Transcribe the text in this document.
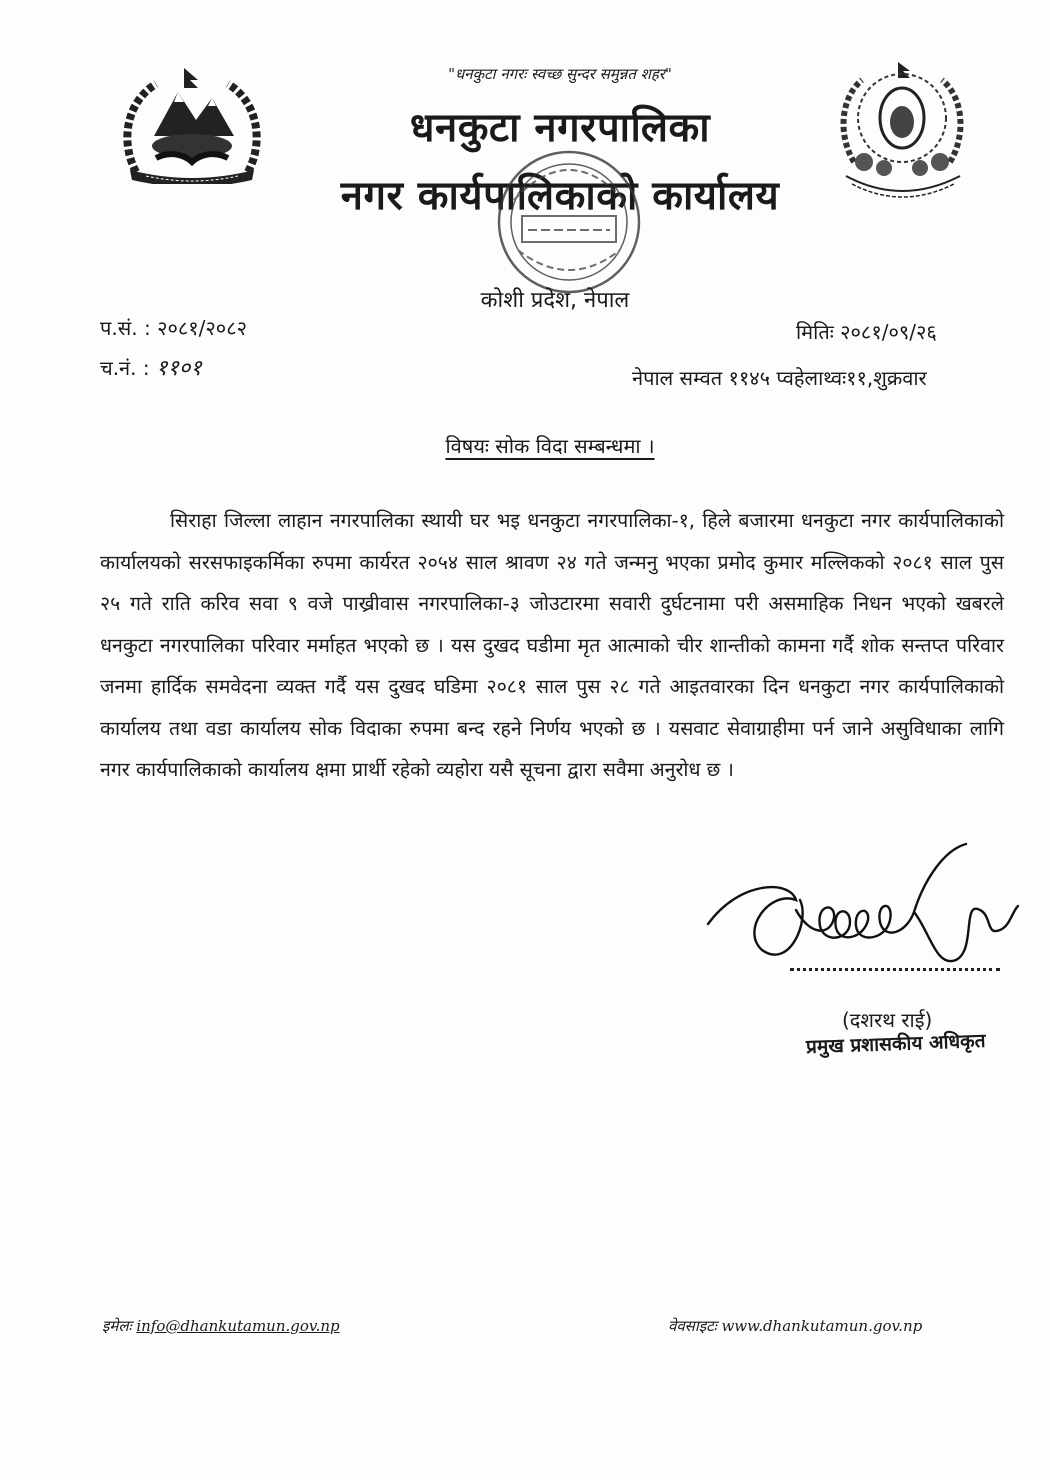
"धनकुटा नगरः स्वच्छ सुन्दर समुन्नत शहर"
धनकुटा नगरपालिका
नगर कार्यपालिकाको कार्यालय
कोशी प्रदेश, नेपाल
प.सं. : २०८१/२०८२
च.नं. : ११०१
मितिः २०८१/०९/२६
नेपाल सम्वत ११४५ प्वहेलाथ्वः११,शुक्रवार
विषयः सोक विदा सम्बन्धमा ।
सिराहा जिल्ला लाहान नगरपालिका स्थायी घर भइ धनकुटा नगरपालिका-१, हिले बजारमा धनकुटा नगर कार्यपालिकाको कार्यालयको सरसफाइकर्मिका रुपमा कार्यरत २०५४ साल श्रावण २४ गते जन्मनु भएका प्रमोद कुमार मल्लिकको २०८१ साल पुस २५ गते राति करिव सवा ९ वजे पाख्रीवास नगरपालिका-३ जोउटारमा सवारी दुर्घटनामा परी असमाहिक निधन भएको खबरले धनकुटा नगरपालिका परिवार मर्माहत भएको छ । यस दुखद घडीमा मृत आत्माको चीर शान्तीको कामना गर्दै शोक सन्तप्त परिवार जनमा हार्दिक समवेदना व्यक्त गर्दै यस दुखद घडिमा २०८१ साल पुस २८ गते आइतवारका दिन धनकुटा नगर कार्यपालिकाको कार्यालय तथा वडा कार्यालय सोक विदाका रुपमा बन्द रहने निर्णय भएको छ । यसवाट सेवाग्राहीमा पर्न जाने असुविधाका लागि नगर कार्यपालिकाको कार्यालय क्षमा प्रार्थी रहेको व्यहोरा यसै सूचना द्वारा सवैमा अनुरोध छ ।
(दशरथ राई)
प्रमुख प्रशासकीय अधिकृत
इमेलः info@dhankutamun.gov.np	वेवसाइटः www.dhankutamun.gov.np
